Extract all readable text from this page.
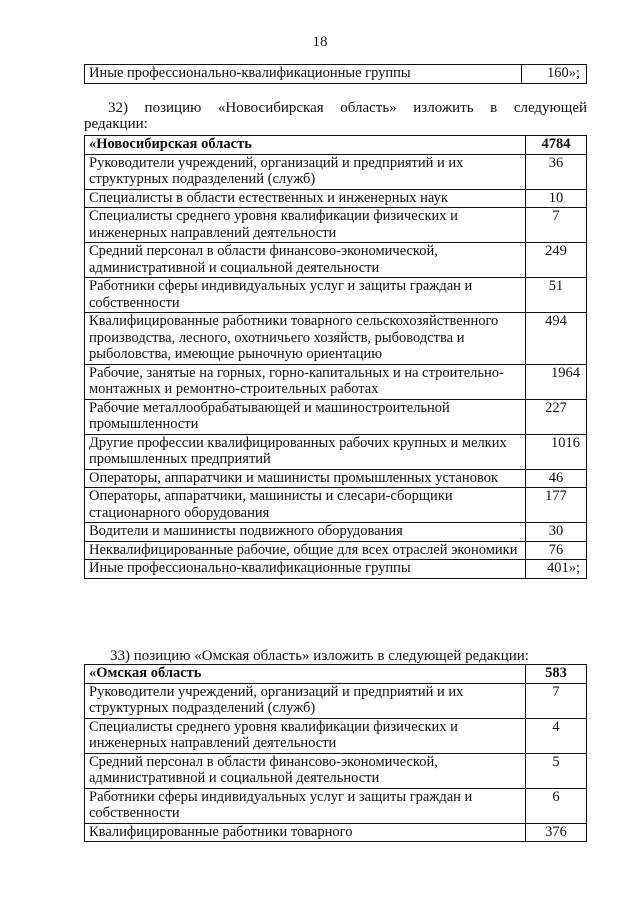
18
Иные профессионально-квалификационные группы	160»;
32) позицию «Новосибирская область» изложить в следующей
редакции:
«Новосибирская область	4784
Руководители учреждений, организаций и предприятий и их структурных подразделений (служб)	36
Специалисты в области естественных и инженерных наук	10
Специалисты среднего уровня квалификации физических и инженерных направлений деятельности	7
Средний персонал в области финансово-экономической, административной и социальной деятельности	249
Работники сферы индивидуальных услуг и защиты граждан и собственности	51
Квалифицированные работники товарного сельскохозяйственного производства, лесного, охотничьего хозяйств, рыбоводства и рыболовства, имеющие рыночную ориентацию	494
Рабочие, занятые на горных, горно-капитальных и на строительно-монтажных и ремонтно-строительных работах	1964
Рабочие металлообрабатывающей и машиностроительной промышленности	227
Другие профессии квалифицированных рабочих крупных и мелких промышленных предприятий	1016
Операторы, аппаратчики и машинисты промышленных установок	46
Операторы, аппаратчики, машинисты и слесари-сборщики стационарного оборудования	177
Водители и машинисты подвижного оборудования	30
Неквалифицированные рабочие, общие для всех отраслей экономики	76
Иные профессионально-квалификационные группы	401»;
33) позицию «Омская область» изложить в следующей редакции:
«Омская область	583
Руководители учреждений, организаций и предприятий и их структурных подразделений (служб)	7
Специалисты среднего уровня квалификации физических и инженерных направлений деятельности	4
Средний персонал в области финансово-экономической, административной и социальной деятельности	5
Работники сферы индивидуальных услуг и защиты граждан и собственности	6
Квалифицированные работники товарного	376
